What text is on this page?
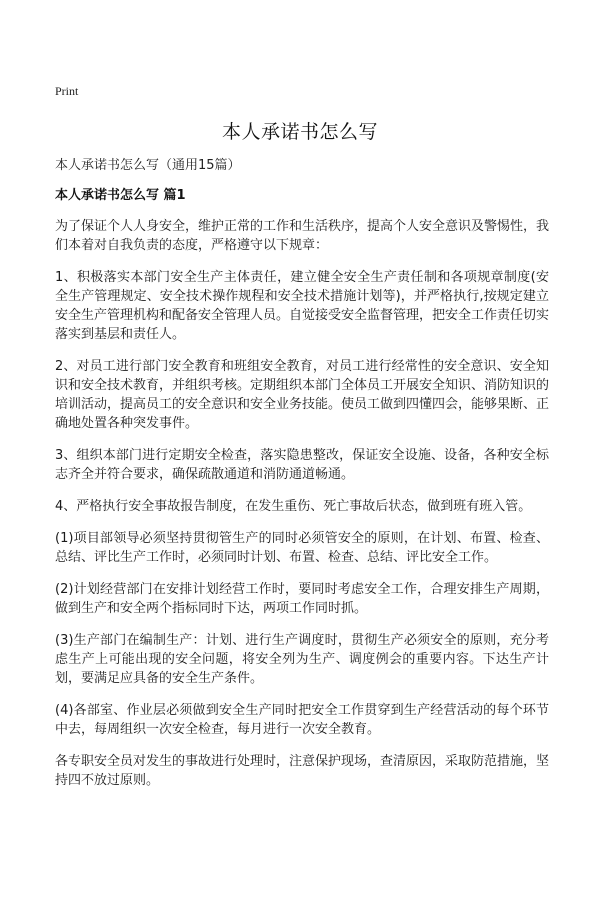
Print
本人承诺书怎么写
本人承诺书怎么写（通用15篇）
本人承诺书怎么写 篇1

为了保证个人人身安全，维护正常的工作和生活秩序，提高个人安全意识及警惕性，我们本着对自我负责的态度，严格遵守以下规章：

1、积极落实本部门安全生产主体责任，建立健全安全生产责任制和各项规章制度(安全生产管理规定、安全技术操作规程和安全技术措施计划等)，并严格执行,按规定建立安全生产管理机构和配备安全管理人员。自觉接受安全监督管理，把安全工作责任切实落实到基层和责任人。

2、对员工进行部门安全教育和班组安全教育，对员工进行经常性的安全意识、安全知识和安全技术教育，并组织考核。定期组织本部门全体员工开展安全知识、消防知识的培训活动，提高员工的安全意识和安全业务技能。使员工做到四懂四会，能够果断、正确地处置各种突发事件。

3、组织本部门进行定期安全检查，落实隐患整改，保证安全设施、设备，各种安全标志齐全并符合要求，确保疏散通道和消防通道畅通。

4、严格执行安全事故报告制度，在发生重伤、死亡事故后状态，做到班有班入管。

(1)项目部领导必须坚持贯彻管生产的同时必须管安全的原则，在计划、布置、检查、总结、评比生产工作时，必须同时计划、布置、检查、总结、评比安全工作。

(2)计划经营部门在安排计划经营工作时，要同时考虑安全工作，合理安排生产周期，做到生产和安全两个指标同时下达，两项工作同时抓。

(3)生产部门在编制生产：计划、进行生产调度时，贯彻生产必须安全的原则，充分考虑生产上可能出现的安全问题，将安全列为生产、调度例会的重要内容。下达生产计划，要满足应具备的安全生产条件。

(4)各部室、作业层必须做到安全生产同时把安全工作贯穿到生产经营活动的每个环节中去，每周组织一次安全检查，每月进行一次安全教育。

各专职安全员对发生的事故进行处理时，注意保护现场，查清原因，采取防范措施，坚持四不放过原则。
